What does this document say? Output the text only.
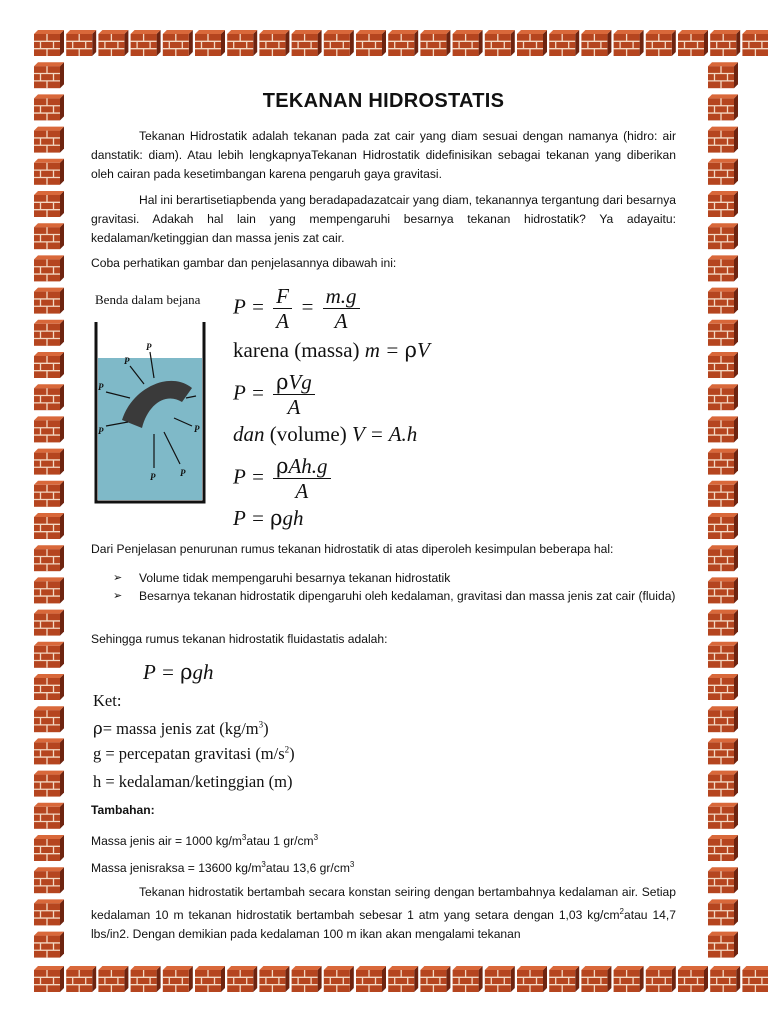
TEKANAN HIDROSTATIS

Tekanan Hidrostatik adalah tekanan pada zat cair yang diam sesuai dengan namanya (hidro: air danstatik: diam). Atau lebih lengkapnyaTekanan Hidrostatik didefinisikan sebagai tekanan yang diberikan oleh cairan pada kesetimbangan karena pengaruh gaya gravitasi.

Hal ini berartisetiapbenda yang beradapadazatcair yang diam, tekanannya tergantung dari besarnya gravitasi. Adakah hal lain yang mempengaruhi besarnya tekanan hidrostatik? Ya adayaitu: kedalaman/ketinggian dan massa jenis zat cair.

Coba perhatikan gambar dan penjelasannya dibawah ini:

Benda dalam bejana
P
P
P
P
P	P
P
$P = \frac{F}{A} = \frac{m.g}{A}$
karena (massa) m = ρV
$P = \frac{\text{ρVg}}{A}$
dan (volume) V = A.h
$P = \frac{\text{ρAh.g}}{A}$
P = ρgh

Dari Penjelasan penurunan rumus tekanan hidrostatik di atas diperoleh kesimpulan beberapa hal:

➢ Volume tidak mempengaruhi besarnya tekanan hidrostatik
➢ Besarnya tekanan hidrostatik dipengaruhi oleh kedalaman, gravitasi dan massa jenis zat cair (fluida)

Sehingga rumus tekanan hidrostatik fluidastatis adalah:

P = ρgh
Ket:
ρ= massa jenis zat $(kg/m^3)$
g = percepatan gravitasi $(m/s^2)$
h = kedalaman/ketinggian (m)

Tambahan:

Massa jenis air = 1000 $kg/m^3atau$ 1 $gr/cm^3$

Massa jenisraksa = 13600 $kg/m^3atau$ 13,6 $gr/cm^3$

Tekanan hidrostatik bertambah secara konstan seiring dengan bertambahnya kedalaman air. Setiap kedalaman 10 m tekanan hidrostatik bertambah sebesar 1 atm yang setara dengan 1,03 $kg/cm^2atau$ 14,7 lbs/in2. Dengan demikian pada kedalaman 100 m ikan akan mengalami tekanan
